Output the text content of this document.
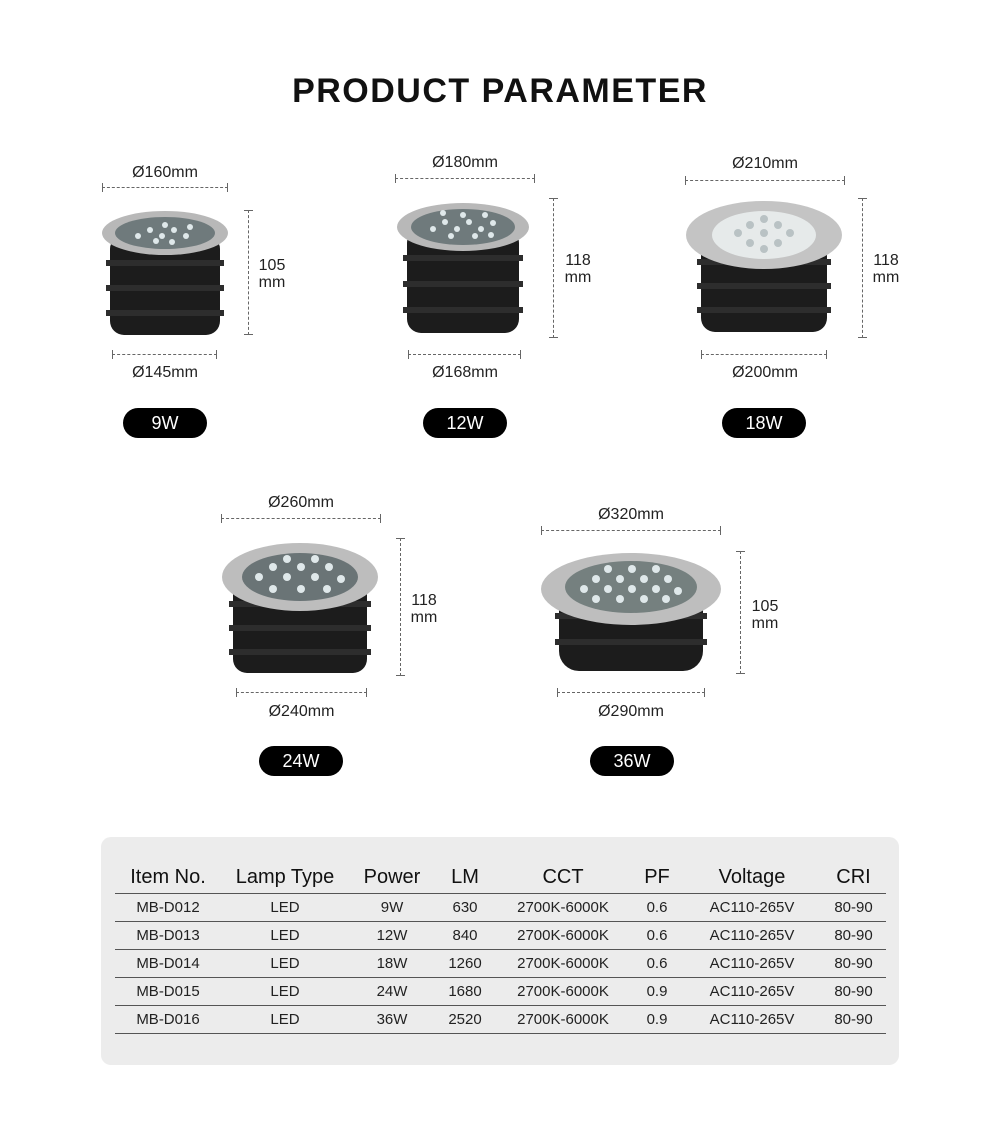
PRODUCT PARAMETER
Ø160mm
105
mm
Ø145mm
9W
Ø180mm
118
mm
Ø168mm
12W
Ø210mm
118
mm
Ø200mm
18W
Ø260mm
118
mm
Ø240mm
24W
Ø320mm
105
mm
Ø290mm
36W
Item No.	Lamp Type	Power	LM	CCT	PF	Voltage	CRI
MB-D012	LED	9W	630	2700K-6000K	0.6	AC110-265V	80-90
MB-D013	LED	12W	840	2700K-6000K	0.6	AC110-265V	80-90
MB-D014	LED	18W	1260	2700K-6000K	0.6	AC110-265V	80-90
MB-D015	LED	24W	1680	2700K-6000K	0.9	AC110-265V	80-90
MB-D016	LED	36W	2520	2700K-6000K	0.9	AC110-265V	80-90
